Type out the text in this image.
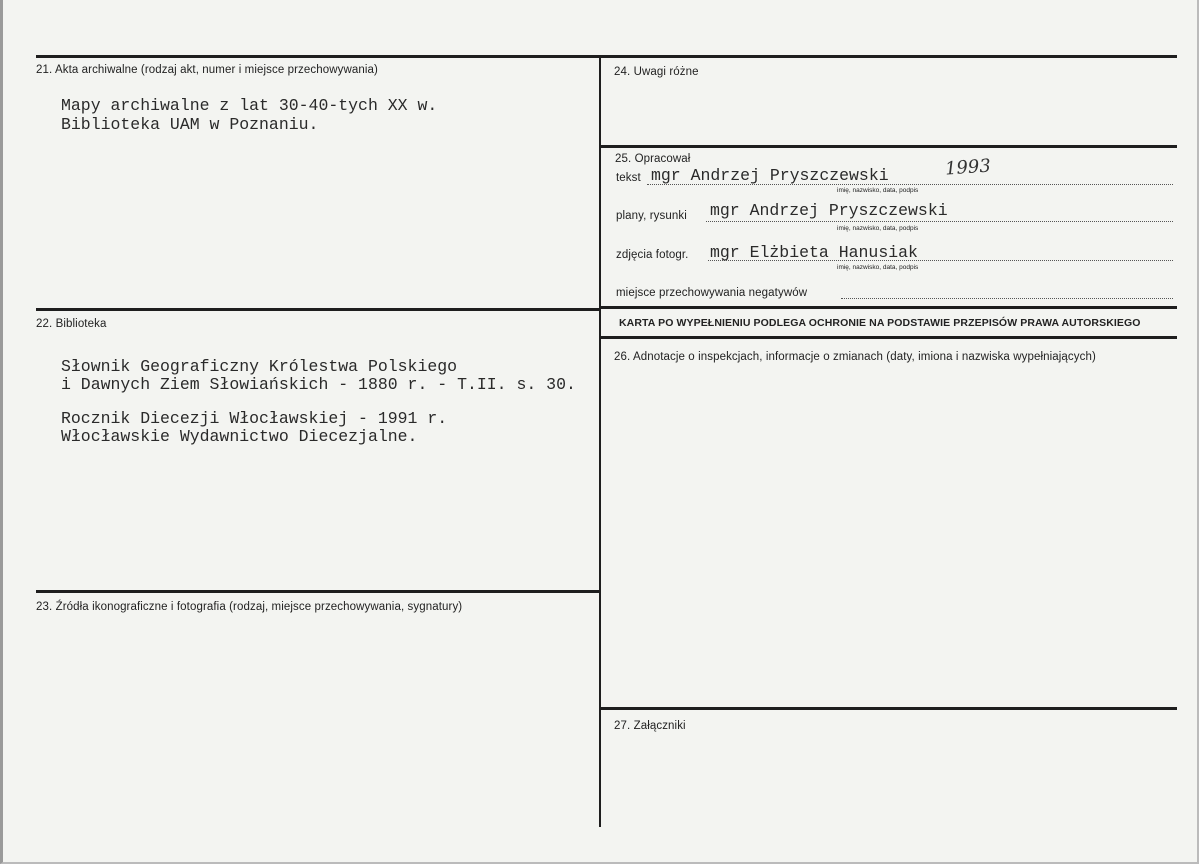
21. Akta archiwalne (rodzaj akt, numer i miejsce przechowywania)
Mapy archiwalne z lat 30-40-tych XX w.
Biblioteka UAM w Poznaniu.
22. Biblioteka
Słownik Geograficzny Królestwa Polskiego
i Dawnych Ziem Słowiańskich - 1880 r. - T.II. s. 30.
Rocznik Diecezji Włocławskiej - 1991 r.
Włocławskie Wydawnictwo Diecezjalne.
23. Źródła ikonograficzne i fotografia (rodzaj, miejsce przechowywania, sygnatury)
24. Uwagi różne
25. Opracował
tekst mgr Andrzej Pryszczewski	1993
imię, nazwisko, data, podpis
plany, rysunki mgr Andrzej Pryszczewski
imię, nazwisko, data, podpis
zdjęcia fotogr. mgr Elżbieta Hanusiak
imię, nazwisko, data, podpis
miejsce przechowywania negatywów
KARTA PO WYPEŁNIENIU PODLEGA OCHRONIE NA PODSTAWIE PRZEPISÓW PRAWA AUTORSKIEGO
26. Adnotacje o inspekcjach, informacje o zmianach (daty, imiona i nazwiska wypełniających)
27. Załączniki
